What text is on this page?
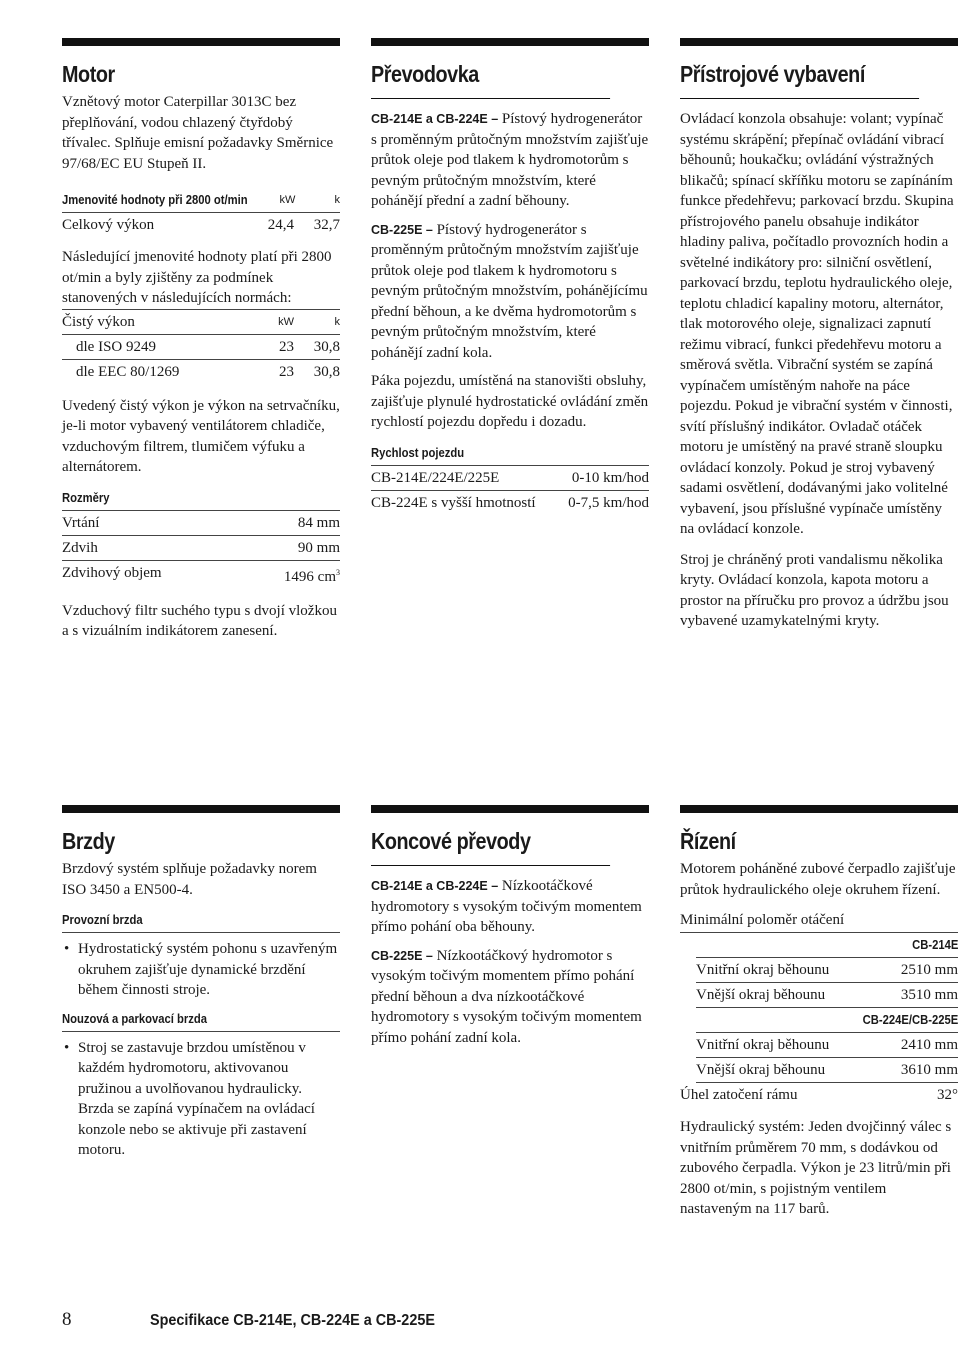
Motor

Vznětový motor Caterpillar 3013C bez přeplňování, vodou chlazený čtyřdobý třívalec. Splňuje emisní požadavky Směrnice 97/68/EC EU Stupeň II.

Jmenovité hodnoty při 2800 ot/min	kW	k
Celkový výkon	24,4	32,7

Následující jmenovité hodnoty platí při 2800 ot/min a byly zjištěny za podmínek stanovených v následujících normách:

Čistý výkon	kW	k
dle ISO 9249	23	30,8
dle EEC 80/1269	23	30,8

Uvedený čistý výkon je výkon na setrvačníku, je-li motor vybavený ventilátorem chladiče, vzduchovým filtrem, tlumičem výfuku a alternátorem.

Rozměry
Vrtání	84 mm
Zdvih	90 mm
Zdvihový objem	1496 $cm^3$

Vzduchový filtr suchého typu s dvojí vložkou a s vizuálním indikátorem zanesení.

Převodovka

CB-214E a CB-224E – Pístový hydrogenerátor s proměnným průtočným množstvím zajišťuje průtok oleje pod tlakem k hydromotorům s pevným průtočným množstvím, které pohánějí přední a zadní běhouny.

CB-225E – Pístový hydrogenerátor s proměnným průtočným množstvím zajišťuje průtok oleje pod tlakem k hydromotoru s pevným průtočným množstvím, pohánějícímu přední běhoun, a ke dvěma hydromotorům s pevným průtočným množstvím, které pohánějí zadní kola.

Páka pojezdu, umístěná na stanovišti obsluhy, zajišťuje plynulé hydrostatické ovládání změn rychlostí pojezdu dopředu i dozadu.

Rychlost pojezdu
CB-214E/224E/225E	0-10 km/hod
CB-224E s vyšší hmotností	0-7,5 km/hod
Přístrojové vybavení

Ovládací konzola obsahuje: volant; vypínač systému skrápění; přepínač ovládání vibrací běhounů; houkačku; ovládání výstražných blikačů; spínací skříňku motoru se zapínáním funkce předehřevu; parkovací brzdu. Skupina přístrojového panelu obsahuje indikátor hladiny paliva, počítadlo provozních hodin a světelné indikátory pro: silniční osvětlení, parkovací brzdu, teplotu hydraulického oleje, teplotu chladicí kapaliny motoru, alternátor, tlak motorového oleje, signalizaci zapnutí režimu vibrací, funkci předehřevu motoru a směrová světla. Vibrační systém se zapíná vypínačem umístěným nahoře na páce pojezdu. Pokud je vibrační systém v činnosti, svítí příslušný indikátor. Ovladač otáček motoru je umístěný na pravé straně sloupku ovládací konzoly. Pokud je stroj vybavený sadami osvětlení, dodávanými jako volitelné vybavení, jsou příslušné vypínače umístěny na ovládací konzole.

Stroj je chráněný proti vandalismu několika kryty. Ovládací konzola, kapota motoru a prostor na příručku pro provoz a údržbu jsou vybavené uzamykatelnými kryty.

Brzdy

Brzdový systém splňuje požadavky norem ISO 3450 a EN500-4.

Provozní brzda
• Hydrostatický systém pohonu s uzavřeným okruhem zajišťuje dynamické brzdění během činnosti stroje.
Nouzová a parkovací brzda
• Stroj se zastavuje brzdou umístěnou v každém hydromotoru, aktivovanou pružinou a uvolňovanou hydraulicky. Brzda se zapíná vypínačem na ovládací konzole nebo se aktivuje při zastavení motoru.
Koncové převody

CB-214E a CB-224E – Nízkootáčkové hydromotory s vysokým točivým momentem přímo pohání oba běhouny.

CB-225E – Nízkootáčkový hydromotor s vysokým točivým momentem přímo pohání přední běhoun a dva nízkootáčkové hydromotory s vysokým točivým momentem přímo pohání zadní kola.

Řízení

Motorem poháněné zubové čerpadlo zajišťuje průtok hydraulického oleje okruhem řízení.

Minimální poloměr otáčení
CB-214E
Vnitřní okraj běhounu	2510 mm
Vnější okraj běhounu	3510 mm
CB-224E/CB-225E
Vnitřní okraj běhounu	2410 mm
Vnější okraj běhounu	3610 mm
Úhel zatočení rámu	32°

Hydraulický systém: Jeden dvojčinný válec s vnitřním průměrem 70 mm, s dodávkou od zubového čerpadla. Výkon je 23 litrů/min při 2800 ot/min, s pojistným ventilem nastaveným na 117 barů.

8	Specifikace CB-214E, CB-224E a CB-225E
